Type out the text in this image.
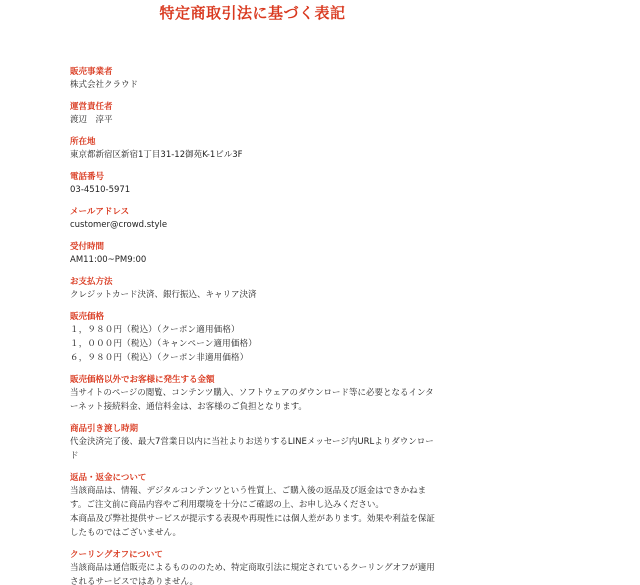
特定商取引法に基づく表記
販売事業者
株式会社クラウド
運営責任者
渡辺　淳平
所在地
東京都新宿区新宿1丁目31-12御苑K-1ビル3F
電話番号
03-4510-5971
メールアドレス
customer@crowd.style
受付時間
AM11:00~PM9:00
お支払方法
クレジットカード決済、銀行振込、キャリア決済
販売価格
１，９８０円（税込）（クーポン適用価格）
１，０００円（税込）（キャンペーン適用価格）
６，９８０円（税込）（クーポン非適用価格）
販売価格以外でお客様に発生する金額
当サイトのページの閲覧、コンテンツ購入、ソフトウェアのダウンロード等に必要となるインターネット接続料金、通信料金は、お客様のご負担となります。
商品引き渡し時期
代金決済完了後、最大7営業日以内に当社よりお送りするLINEメッセージ内URLよりダウンロード
返品・返金について
当該商品は、情報、デジタルコンテンツという性質上、ご購入後の返品及び返金はできかねます。ご注文前に商品内容やご利用環境を十分にご確認の上、お申し込みください。
本商品及び弊社提供サービスが提示する表現や再現性には個人差があります。効果や利益を保証したものではございません。
クーリングオフについて
当該商品は通信販売によるものののため、特定商取引法に規定されているクーリングオフが適用されるサービスではありません。
